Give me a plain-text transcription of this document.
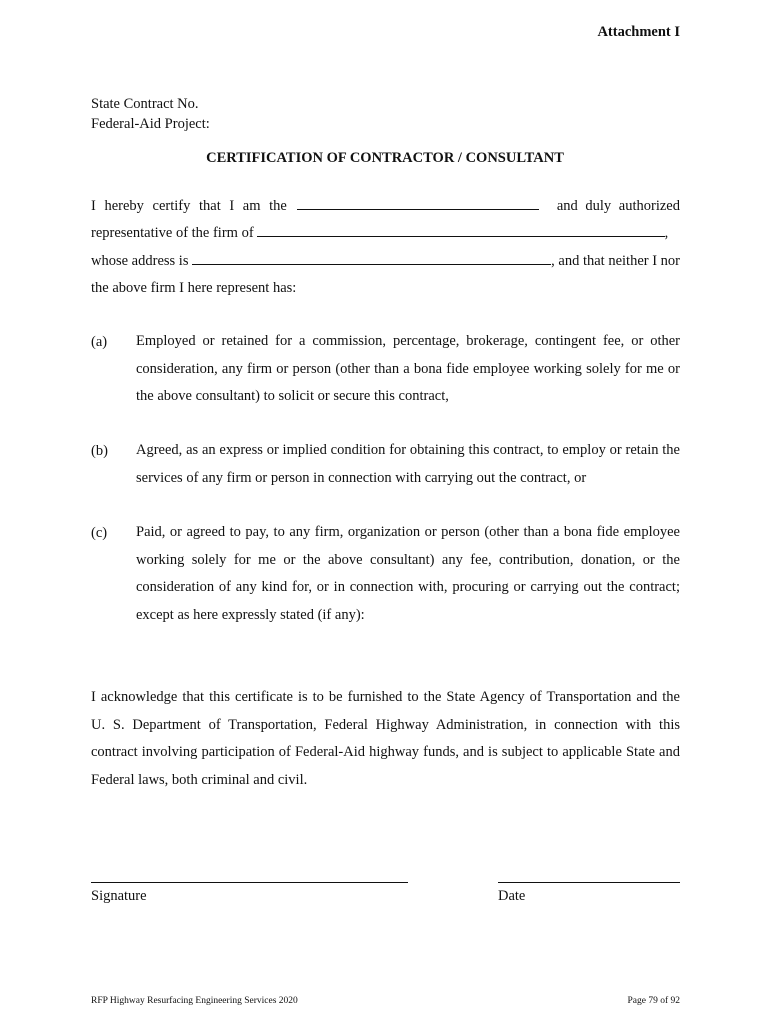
Attachment I
State Contract No.
Federal-Aid Project:
CERTIFICATION OF CONTRACTOR / CONSULTANT
I hereby certify that I am the	and duly authorized
representative of the firm of	,
whose address is	, and that neither I nor
the above firm I here represent has:
(a) Employed or retained for a commission, percentage, brokerage, contingent fee, or other
consideration, any firm or person (other than a bona fide employee working solely for me or
the above consultant) to solicit or secure this contract,
(b) Agreed, as an express or implied condition for obtaining this contract, to employ or retain the
services of any firm or person in connection with carrying out the contract, or
(c) Paid, or agreed to pay, to any firm, organization or person (other than a bona fide employee
working solely for me or the above consultant) any fee, contribution, donation, or the
consideration of any kind for, or in connection with, procuring or carrying out the contract;
except as here expressly stated (if any):
I acknowledge that this certificate is to be furnished to the State Agency of Transportation and the
U. S. Department of Transportation, Federal Highway Administration, in connection with this
contract involving participation of Federal-Aid highway funds, and is subject to applicable State and
Federal laws, both criminal and civil.
Signature	Date
RFP Highway Resurfacing Engineering Services 2020	Page 79 of 92
